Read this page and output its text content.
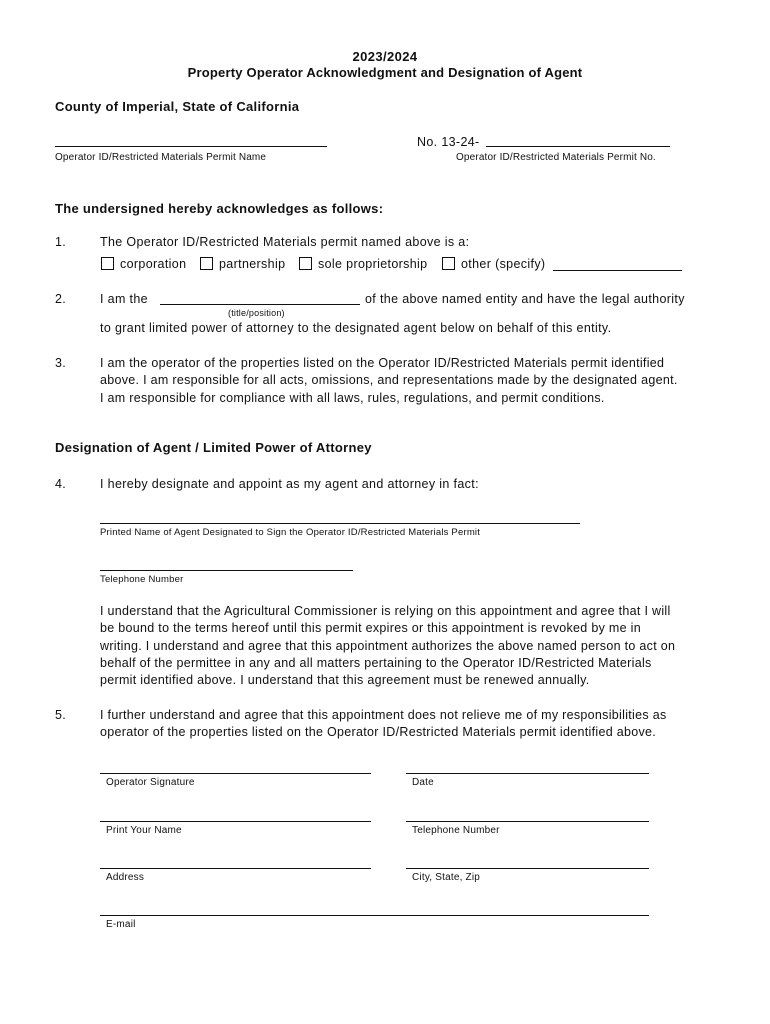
2023/2024
Property Operator Acknowledgment and Designation of Agent
County of Imperial, State of California
Operator ID/Restricted Materials Permit Name
No. 13-24-
Operator ID/Restricted Materials Permit No.
The undersigned hereby acknowledges as follows:
1.	The Operator ID/Restricted Materials permit named above is a:
corporation	partnership	sole proprietorship	other (specify)
2.	I am the	of the above named entity and have the legal authority
(title/position)
to grant limited power of attorney to the designated agent below on behalf of this entity.
3.	I am the operator of the properties listed on the Operator ID/Restricted Materials permit identified
above. I am responsible for all acts, omissions, and representations made by the designated agent.
I am responsible for compliance with all laws, rules, regulations, and permit conditions.
Designation of Agent / Limited Power of Attorney
4.	I hereby designate and appoint as my agent and attorney in fact:
Printed Name of Agent Designated to Sign the Operator ID/Restricted Materials Permit
Telephone Number
I understand that the Agricultural Commissioner is relying on this appointment and agree that I will
be bound to the terms hereof until this permit expires or this appointment is revoked by me in
writing. I understand and agree that this appointment authorizes the above named person to act on
behalf of the permittee in any and all matters pertaining to the Operator ID/Restricted Materials
permit identified above. I understand that this agreement must be renewed annually.
5.	I further understand and agree that this appointment does not relieve me of my responsibilities as
operator of the properties listed on the Operator ID/Restricted Materials permit identified above.
Operator Signature	Date
Print Your Name	Telephone Number
Address	City, State, Zip
E-mail
